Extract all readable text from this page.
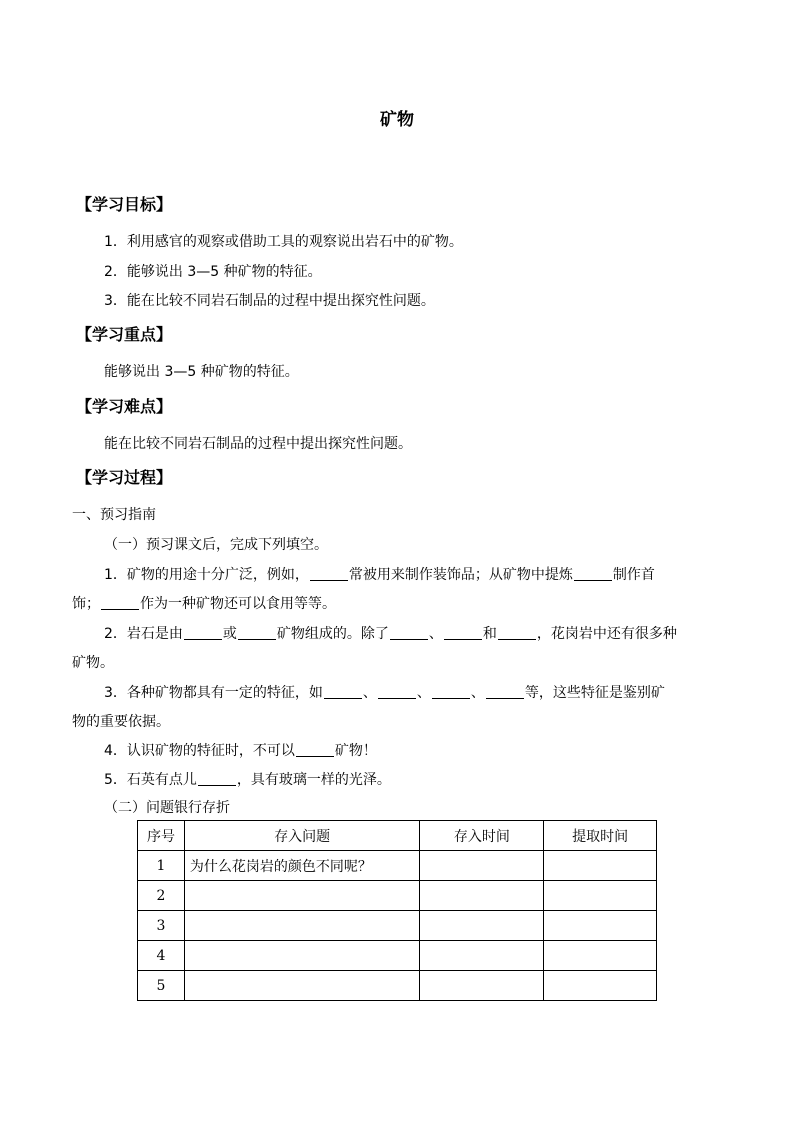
矿物
【学习目标】
1．利用感官的观察或借助工具的观察说出岩石中的矿物。
2．能够说出 3—5 种矿物的特征。
3．能在比较不同岩石制品的过程中提出探究性问题。
【学习重点】
能够说出 3—5 种矿物的特征。
【学习难点】
能在比较不同岩石制品的过程中提出探究性问题。
【学习过程】
一、预习指南
（一）预习课文后，完成下列填空。
1．矿物的用途十分广泛，例如，	常被用来制作装饰品；从矿物中提炼	制作首
饰；	作为一种矿物还可以食用等等。
2．岩石是由	或	矿物组成的。除了	、	和	，花岗岩中还有很多种
矿物。
3．各种矿物都具有一定的特征，如	、	、	、	等，这些特征是鉴别矿
物的重要依据。
4．认识矿物的特征时，不可以	矿物！
5．石英有点儿	，具有玻璃一样的光泽。
（二）问题银行存折
序号	存入问题	存入时间	提取时间
1	为什么花岗岩的颜色不同呢？		
2			
3			
4			
5			
